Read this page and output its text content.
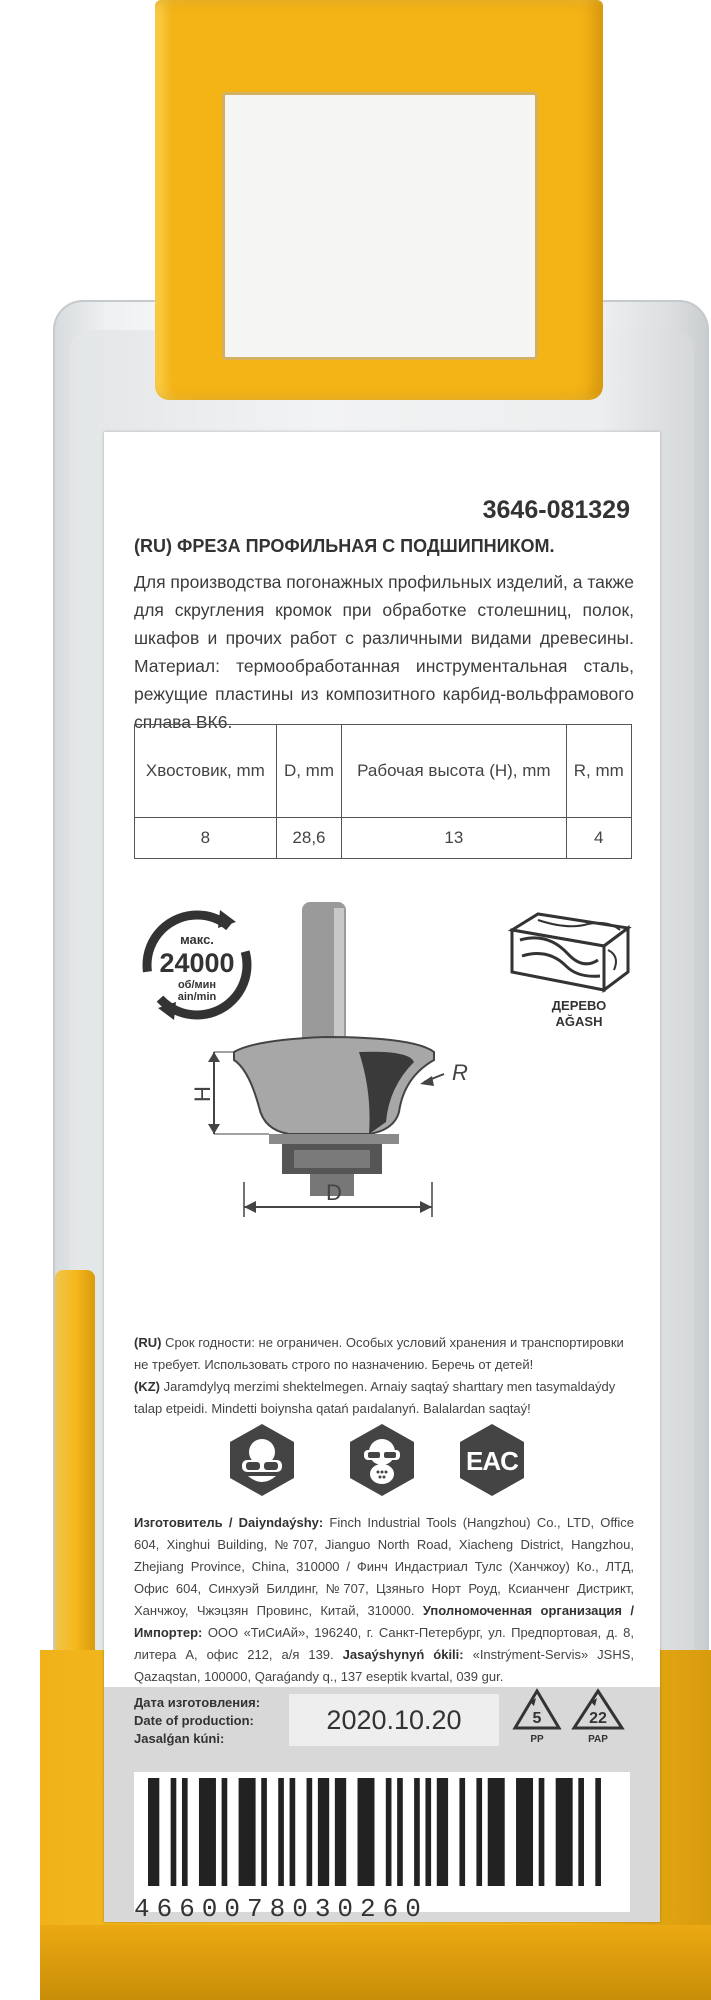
3646-081329
(RU) ФРЕЗА ПРОФИЛЬНАЯ С ПОДШИПНИКОМ.
Для производства погонажных профильных изделий, а также для скругления кромок при обработке столешниц, полок, шкафов и прочих работ с различными видами древесины. Материал: термообработанная инструментальная сталь, режущие пластины из композитного карбид-вольфрамового сплава ВК6.
Хвостовик, mm	D, mm	Рабочая высота (H), mm	R, mm
8	28,6	13	4
макс.
24000
об/мин
ain/min
H
D
R
ДЕРЕВО
AĞASH
(RU) Срок годности: не ограничен. Особых условий хранения и транспортировки не требует. Использовать строго по назначению. Беречь от детей!
(KZ) Jaramdylyq merzimi shektelmegen. Arnaiy saqtaý sharttary men tasymaldaýdy talap etpeidi. Mindetti boiynsha qatań paıdalanyń. Balalardan saqtaý!
EAC
Изготовитель / Daiyndaýshy: Finch Industrial Tools (Hangzhou) Co., LTD, Office 604, Xinghui Building, №707, Jianguo North Road, Xiacheng District, Hangzhou, Zhejiang Province, China, 310000 / Финч Индастриал Тулс (Ханчжоу) Ко., ЛТД, Офис 604, Синхуэй Билдинг, №707, Цзяньго Норт Роуд, Ксианченг Дистрикт, Ханчжоу, Чжэцзян Провинс, Китай, 310000. Уполномоченная организация / Импортер: ООО «ТиСиАй», 196240, г. Санкт-Петербург, ул. Предпортовая, д. 8, литера А, офис 212, а/я 139. Jasaýshynyń ókili: «Instrýment-Servis» JSHS, Qazaqstan, 100000, Qaraǵandy q., 137 eseptik kvartal, 039 gur.
Дата изготовления:
Date of production:
Jasalǵan kúni:
2020.10.20	5
PP
22
PAP
4660078030260
